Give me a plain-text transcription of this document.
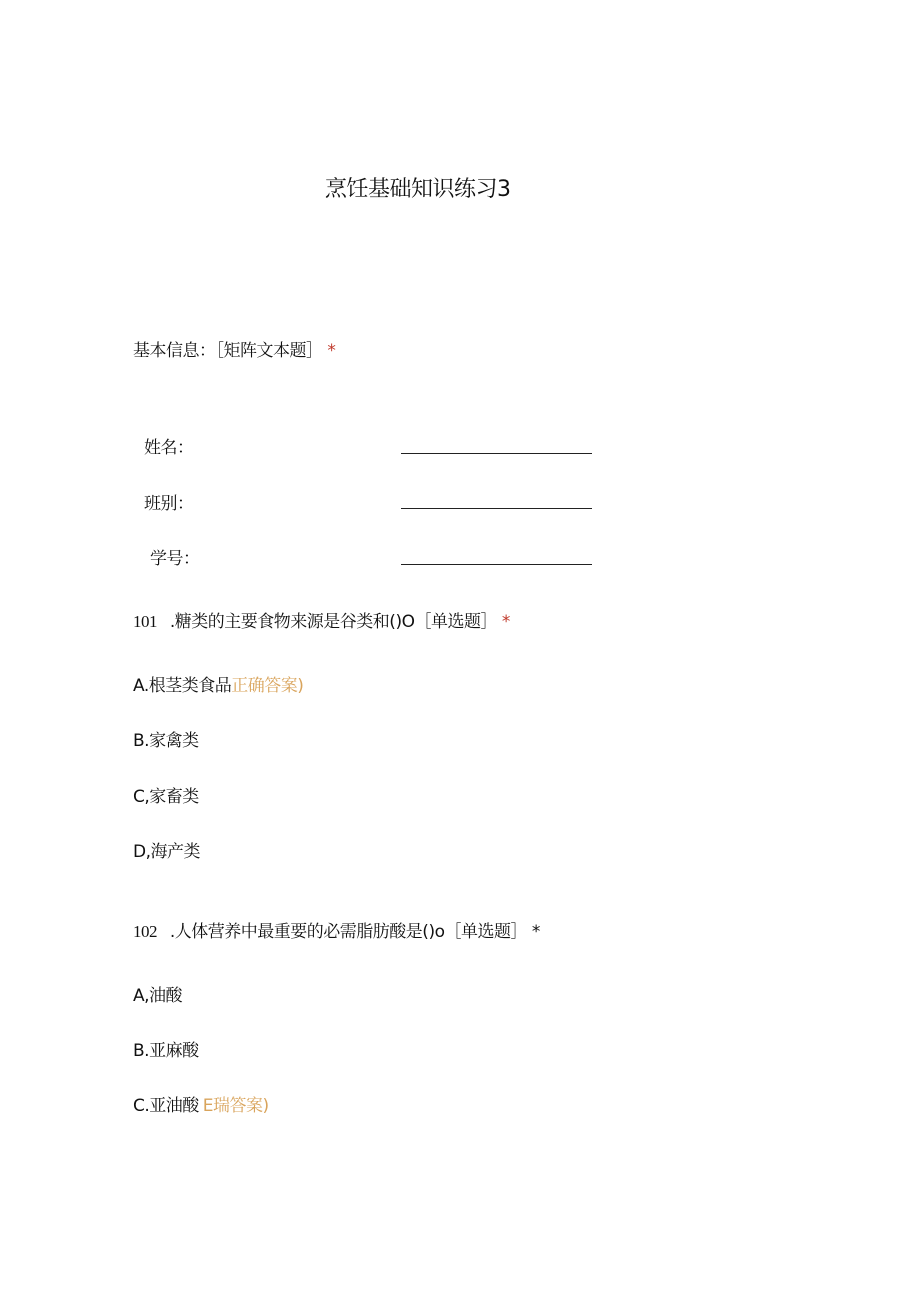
烹饪基础知识练习3
基本信息：［矩阵文本题］ *
姓名：
班别：
学号：
101 .糖类的主要食物来源是谷类和()O［单选题］ *
A.根茎类食品正确答案)
B.家禽类
C,家畜类
D,海产类
102 .人体营养中最重要的必需脂肪酸是()o［单选题］ *
A,油酸
B.亚麻酸
C.亚油酸 E瑞答案)
